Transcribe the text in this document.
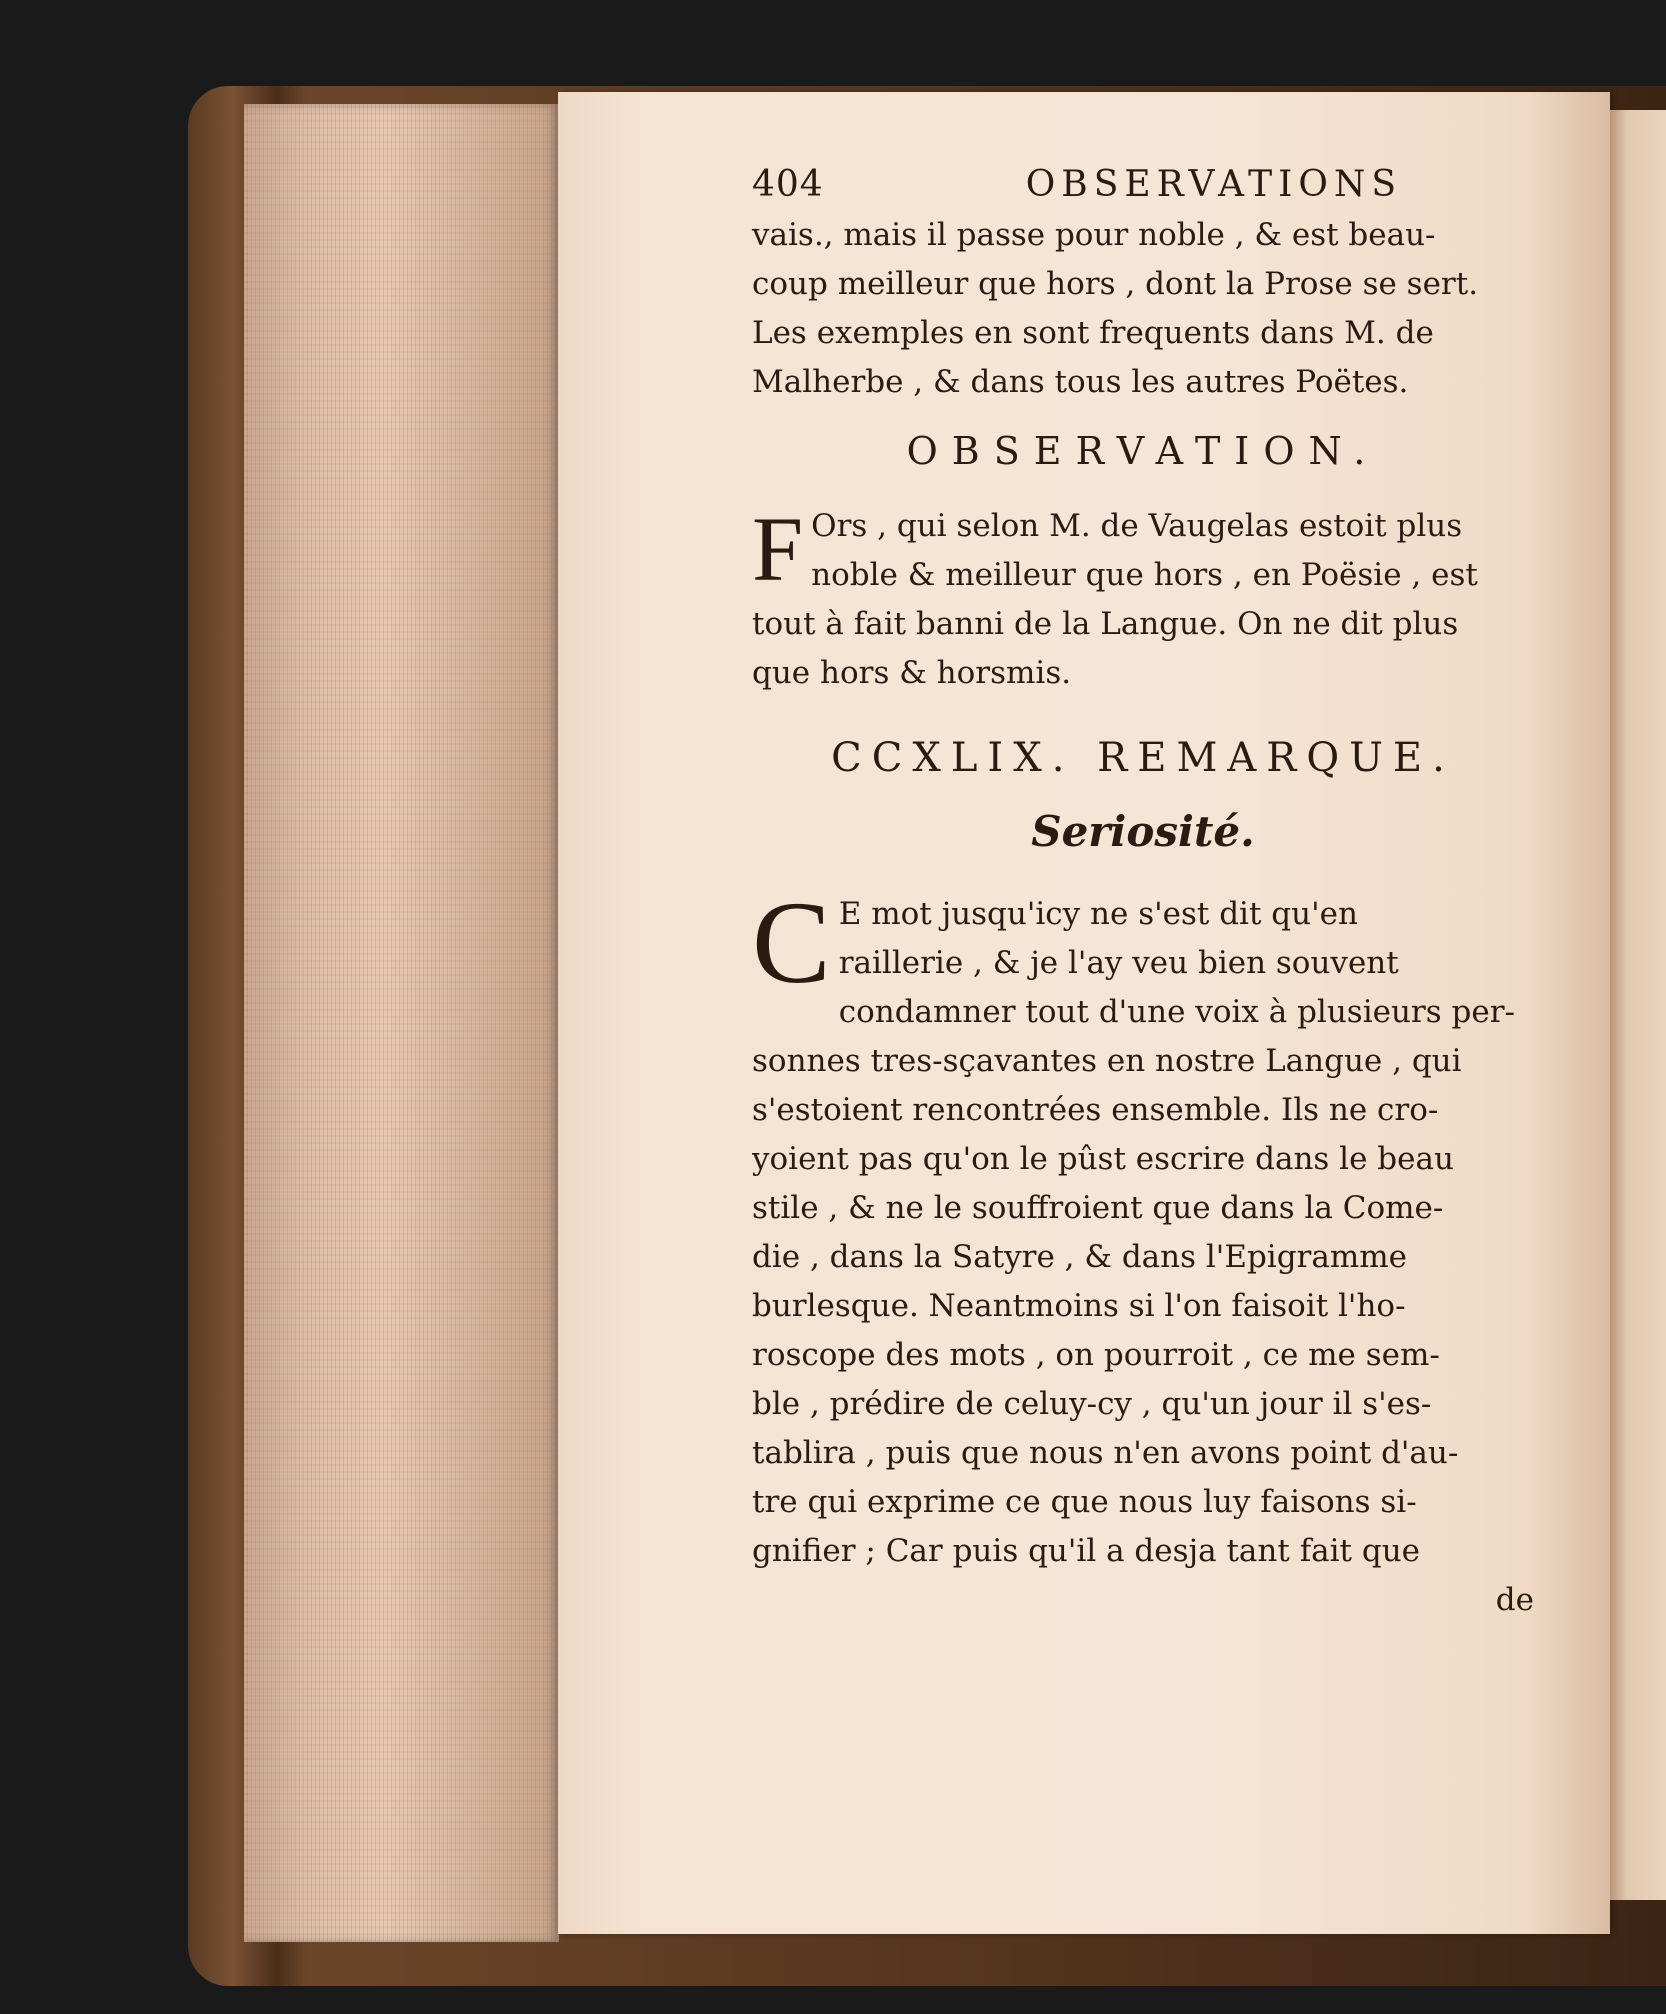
404	OBSERVATIONS
vais., mais il passe pour noble , & est beau-
coup meilleur que hors , dont la Prose se sert.
Les exemples en sont frequents dans M. de
Malherbe , & dans tous les autres Poëtes.
OBSERVATION.
F Ors , qui selon M. de Vaugelas estoit plus
noble & meilleur que hors , en Poësie , est
tout à fait banni de la Langue. On ne dit plus
que hors & horsmis.
CCXLIX. REMARQUE.
Seriosité.
C E mot jusqu'icy ne s'est dit qu'en
raillerie , & je l'ay veu bien souvent
condamner tout d'une voix à plusieurs per-
sonnes tres-sçavantes en nostre Langue , qui
s'estoient rencontrées ensemble. Ils ne cro-
yoient pas qu'on le pûst escrire dans le beau
stile , & ne le souffroient que dans la Come-
die , dans la Satyre , & dans l'Epigramme
burlesque. Neantmoins si l'on faisoit l'ho-
roscope des mots , on pourroit , ce me sem-
ble , prédire de celuy-cy , qu'un jour il s'es-
tablira , puis que nous n'en avons point d'au-
tre qui exprime ce que nous luy faisons si-
gnifier ; Car puis qu'il a desja tant fait que
de
